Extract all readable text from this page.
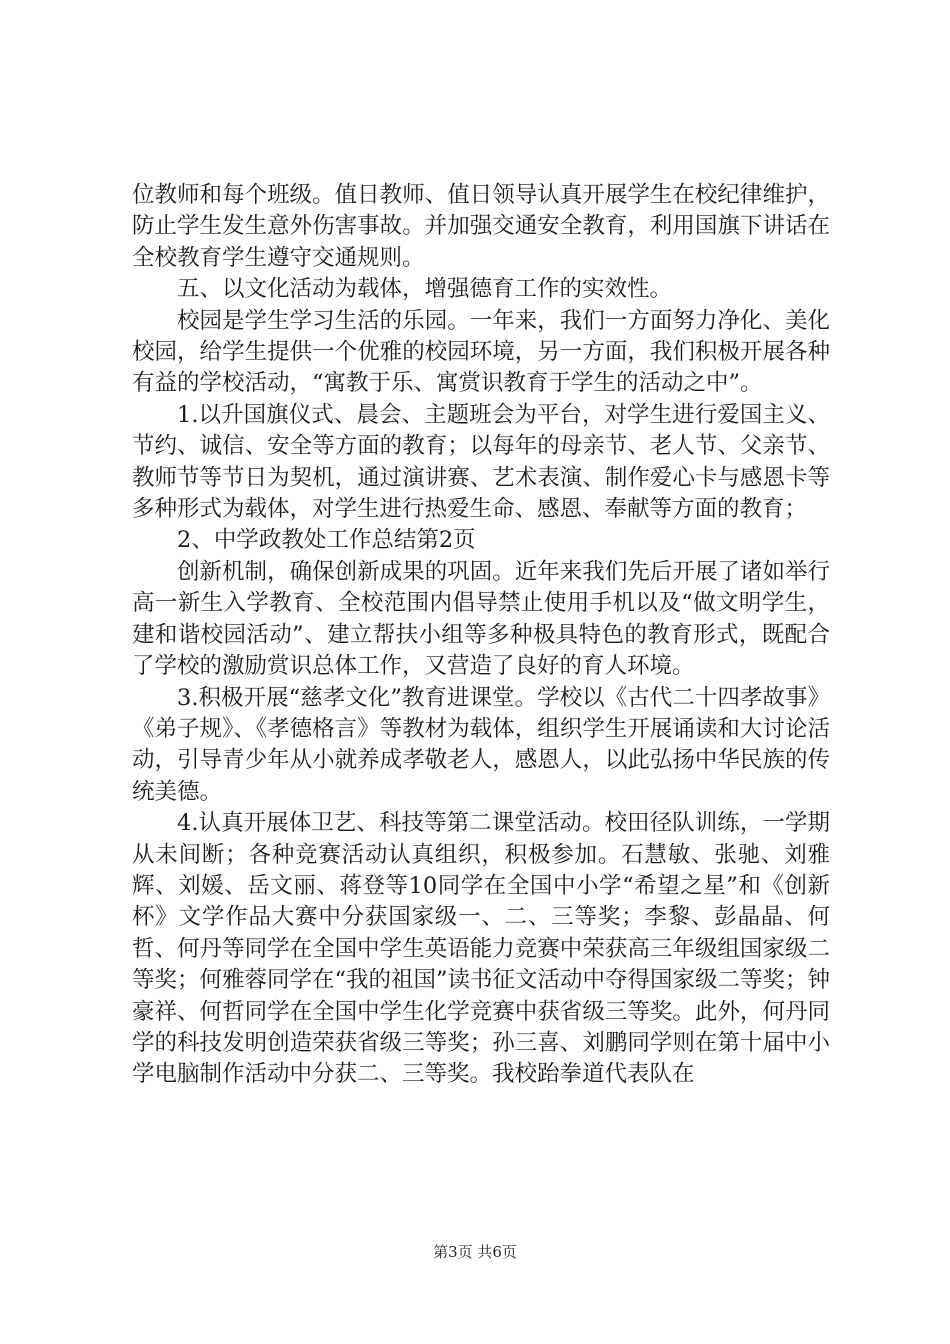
位教师和每个班级。值日教师、值日领导认真开展学生在校纪律维护，防止学生发生意外伤害事故。并加强交通安全教育，利用国旗下讲话在全校教育学生遵守交通规则。

五、以文化活动为载体，增强德育工作的实效性。

校园是学生学习生活的乐园。一年来，我们一方面努力净化、美化校园，给学生提供一个优雅的校园环境，另一方面，我们积极开展各种有益的学校活动，“寓教于乐、寓赏识教育于学生的活动之中”。

1.以升国旗仪式、晨会、主题班会为平台，对学生进行爱国主义、节约、诚信、安全等方面的教育；以每年的母亲节、老人节、父亲节、教师节等节日为契机，通过演讲赛、艺术表演、制作爱心卡与感恩卡等多种形式为载体，对学生进行热爱生命、感恩、奉献等方面的教育；

2、中学政教处工作总结第2页

创新机制，确保创新成果的巩固。近年来我们先后开展了诸如举行高一新生入学教育、全校范围内倡导禁止使用手机以及“做文明学生，建和谐校园活动”、建立帮扶小组等多种极具特色的教育形式，既配合了学校的激励赏识总体工作，又营造了良好的育人环境。

3.积极开展“慈孝文化”教育进课堂。学校以《古代二十四孝故事》《弟子规》、《孝德格言》等教材为载体，组织学生开展诵读和大讨论活动，引导青少年从小就养成孝敬老人，感恩人，以此弘扬中华民族的传统美德。

4.认真开展体卫艺、科技等第二课堂活动。校田径队训练，一学期从未间断；各种竞赛活动认真组织，积极参加。石慧敏、张驰、刘雅辉、刘媛、岳文丽、蒋登等10同学在全国中小学“希望之星”和《创新杯》文学作品大赛中分获国家级一、二、三等奖；李黎、彭晶晶、何哲、何丹等同学在全国中学生英语能力竞赛中荣获高三年级组国家级二等奖；何雅蓉同学在“我的祖国”读书征文活动中夺得国家级二等奖；钟豪祥、何哲同学在全国中学生化学竞赛中获省级三等奖。此外，何丹同学的科技发明创造荣获省级三等奖；孙三喜、刘鹏同学则在第十届中小学电脑制作活动中分获二、三等奖。我校跆拳道代表队在

第3页 共6页
